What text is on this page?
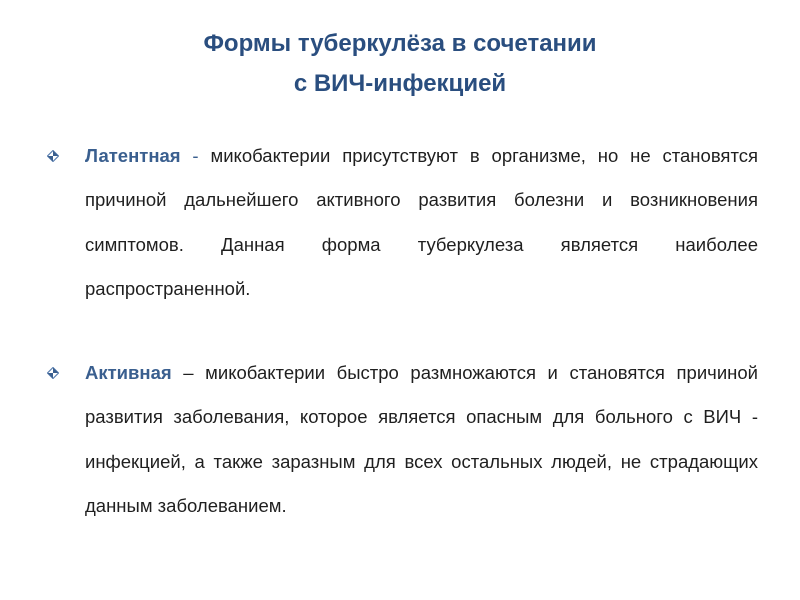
Формы туберкулёза в сочетании
с ВИЧ-инфекцией
Латентная - микобактерии присутствуют в организме, но не становятся причиной дальнейшего активного развития болезни и возникновения симптомов. Данная форма туберкулеза является наиболее распространенной.
Активная – микобактерии быстро размножаются и становятся причиной развития заболевания, которое является опасным для больного с ВИЧ - инфекцией, а также заразным для всех остальных людей, не страдающих данным заболеванием.
